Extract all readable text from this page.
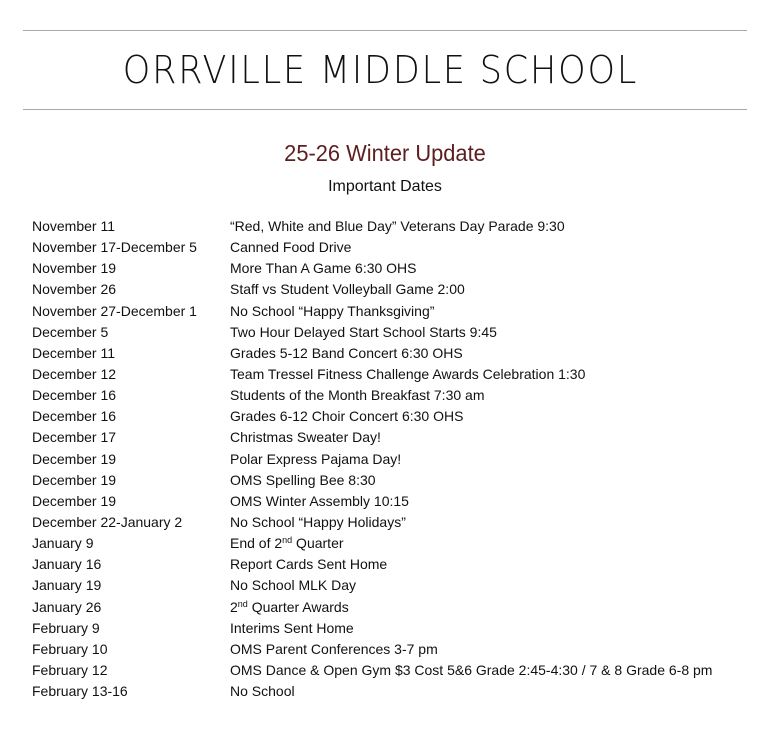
ORRVILLE MIDDLE SCHOOL
25-26 Winter Update
Important Dates
November 11	“Red, White and Blue Day” Veterans Day Parade 9:30
November 17-December 5 Canned Food Drive
November 19	More Than A Game 6:30 OHS
November 26	Staff vs Student Volleyball Game 2:00
November 27-December 1 No School “Happy Thanksgiving”
December 5	Two Hour Delayed Start School Starts 9:45
December 11	Grades 5-12 Band Concert 6:30 OHS
December 12	Team Tressel Fitness Challenge Awards Celebration 1:30
December 16	Students of the Month Breakfast 7:30 am
December 16	Grades 6-12 Choir Concert 6:30 OHS
December 17	Christmas Sweater Day!
December 19	Polar Express Pajama Day!
December 19	OMS Spelling Bee 8:30
December 19	OMS Winter Assembly 10:15
December 22-January 2	No School “Happy Holidays”
January 9	End of 2nd Quarter
January 16	Report Cards Sent Home
January 19	No School MLK Day
January 26	2nd Quarter Awards
February 9	Interims Sent Home
February 10	OMS Parent Conferences 3-7 pm
February 12	OMS Dance & Open Gym $3 Cost 5&6 Grade 2:45-4:30 / 7 & 8 Grade 6-8 pm
February 13-16	No School
